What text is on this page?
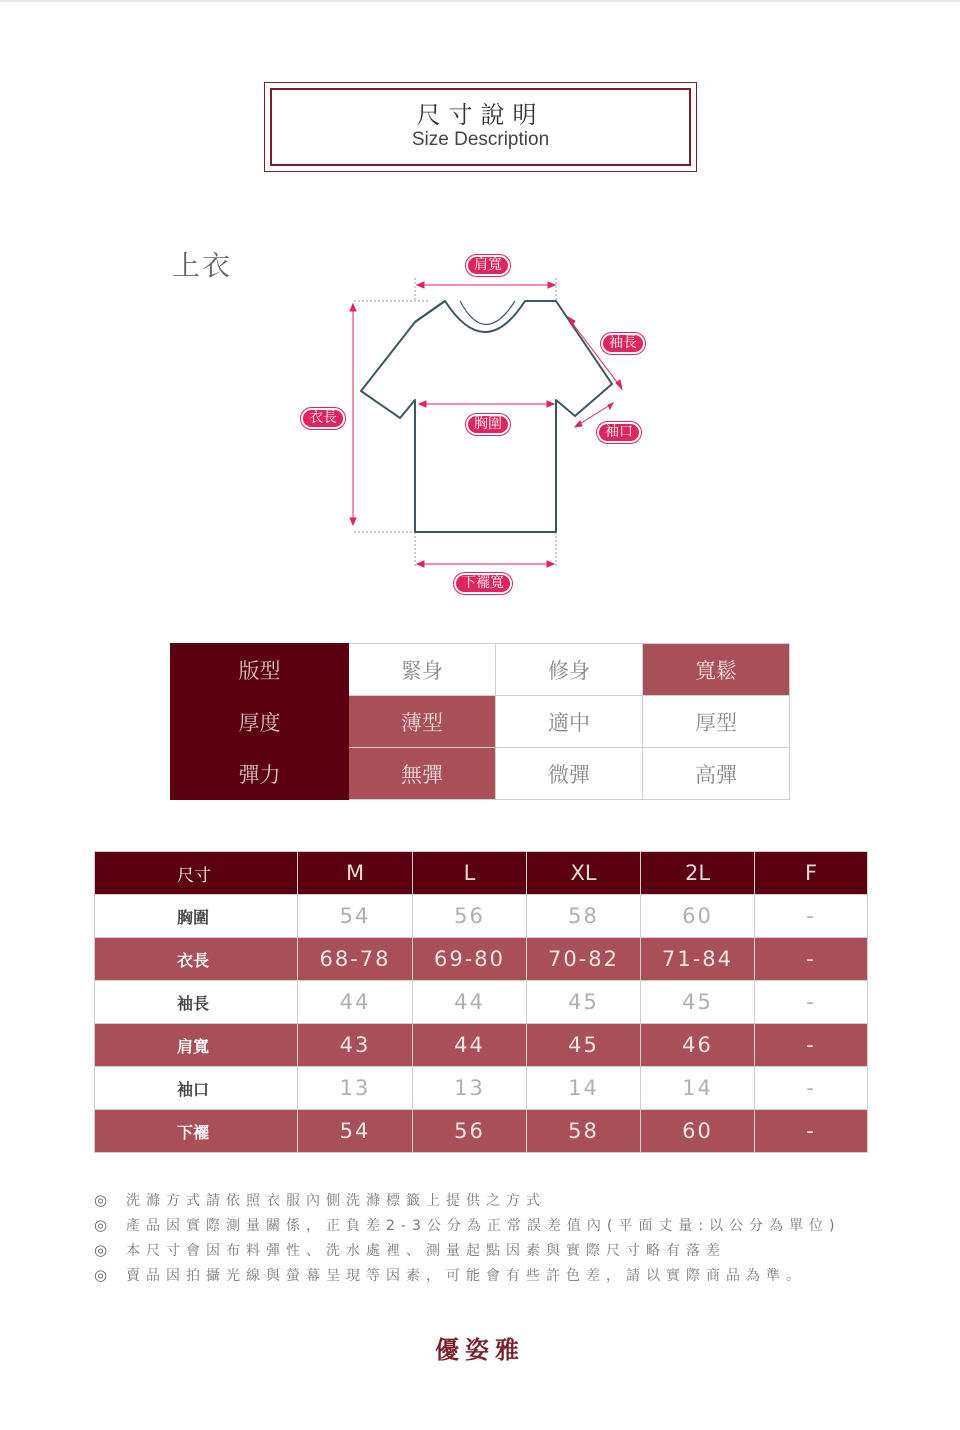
尺寸說明
Size Description
上衣	肩寬
袖長
衣長	胸圍	袖口
下襬寬
版型	緊身	修身	寬鬆
厚度	薄型	適中	厚型
彈力	無彈	微彈	高彈
尺寸	M	L	XL	2L	F
胸圍	54	56	58	60	-
衣長	68-78	69-80	70-82	71-84	-
袖長	44	44	45	45	-
肩寬	43	44	45	46	-
袖口	13	13	14	14	-
下襬	54	56	58	60	-
◎ 洗滌方式請依照衣服內側洗滌標籤上提供之方式
◎ 產品因實際測量關係，正負差2-3公分為正常誤差值內(平面丈量:以公分為單位)
◎ 本尺寸會因布料彈性、洗水處裡、測量起點因素與實際尺寸略有落差
◎ 賣品因拍攝光線與螢幕呈現等因素，可能會有些許色差，請以實際商品為準。
優姿雅
